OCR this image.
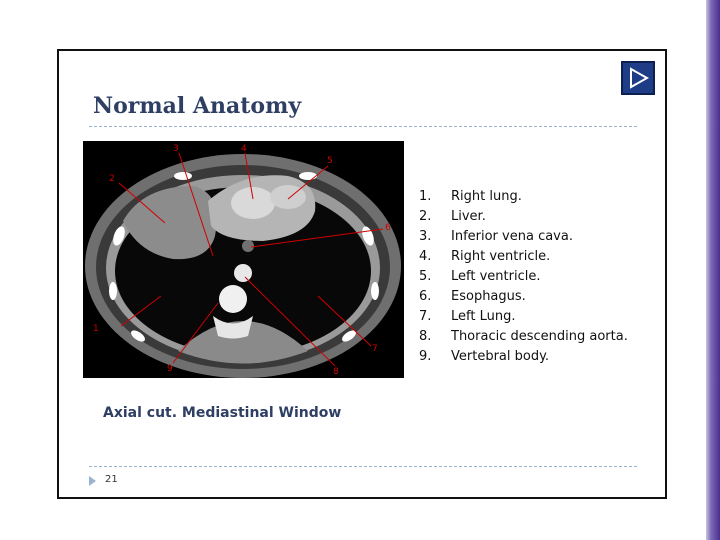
Normal Anatomy
1
2
3	4
5
6
7
8
9
1.	Right lung.
2.	Liver.
3.	Inferior vena cava.
4.	Right ventricle.
5.	Left ventricle.
6.	Esophagus.
7.	Left Lung.
8.	Thoracic descending aorta.
9.	Vertebral body.
Axial cut. Mediastinal Window
21
